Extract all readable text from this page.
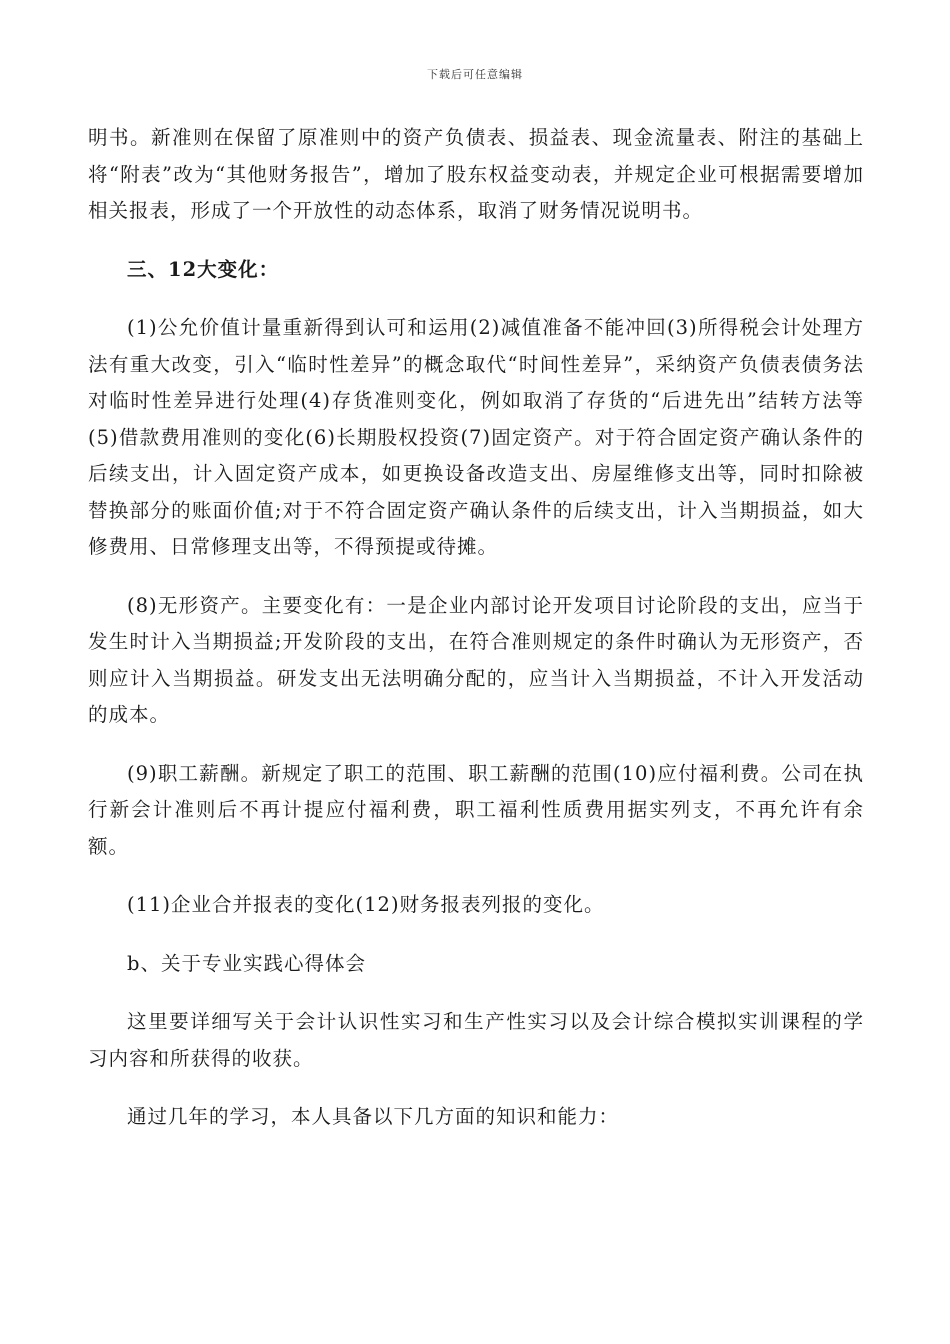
下载后可任意编辑

明书。新准则在保留了原准则中的资产负债表、损益表、现金流量表、附注的基础上将“附表”改为“其他财务报告”，增加了股东权益变动表，并规定企业可根据需要增加相关报表，形成了一个开放性的动态体系，取消了财务情况说明书。

三、12大变化：

(1)公允价值计量重新得到认可和运用(2)减值准备不能冲回(3)所得税会计处理方法有重大改变，引入“临时性差异”的概念取代“时间性差异”，采纳资产负债表债务法对临时性差异进行处理(4)存货准则变化，例如取消了存货的“后进先出”结转方法等(5)借款费用准则的变化(6)长期股权投资(7)固定资产。对于符合固定资产确认条件的后续支出，计入固定资产成本，如更换设备改造支出、房屋维修支出等，同时扣除被替换部分的账面价值;对于不符合固定资产确认条件的后续支出，计入当期损益，如大修费用、日常修理支出等，不得预提或待摊。

(8)无形资产。主要变化有：一是企业内部讨论开发项目讨论阶段的支出，应当于发生时计入当期损益;开发阶段的支出，在符合准则规定的条件时确认为无形资产，否则应计入当期损益。研发支出无法明确分配的，应当计入当期损益，不计入开发活动的成本。

(9)职工薪酬。新规定了职工的范围、职工薪酬的范围(10)应付福利费。公司在执行新会计准则后不再计提应付福利费，职工福利性质费用据实列支，不再允许有余额。

(11)企业合并报表的变化(12)财务报表列报的变化。

b、关于专业实践心得体会

这里要详细写关于会计认识性实习和生产性实习以及会计综合模拟实训课程的学习内容和所获得的收获。

通过几年的学习，本人具备以下几方面的知识和能力：
